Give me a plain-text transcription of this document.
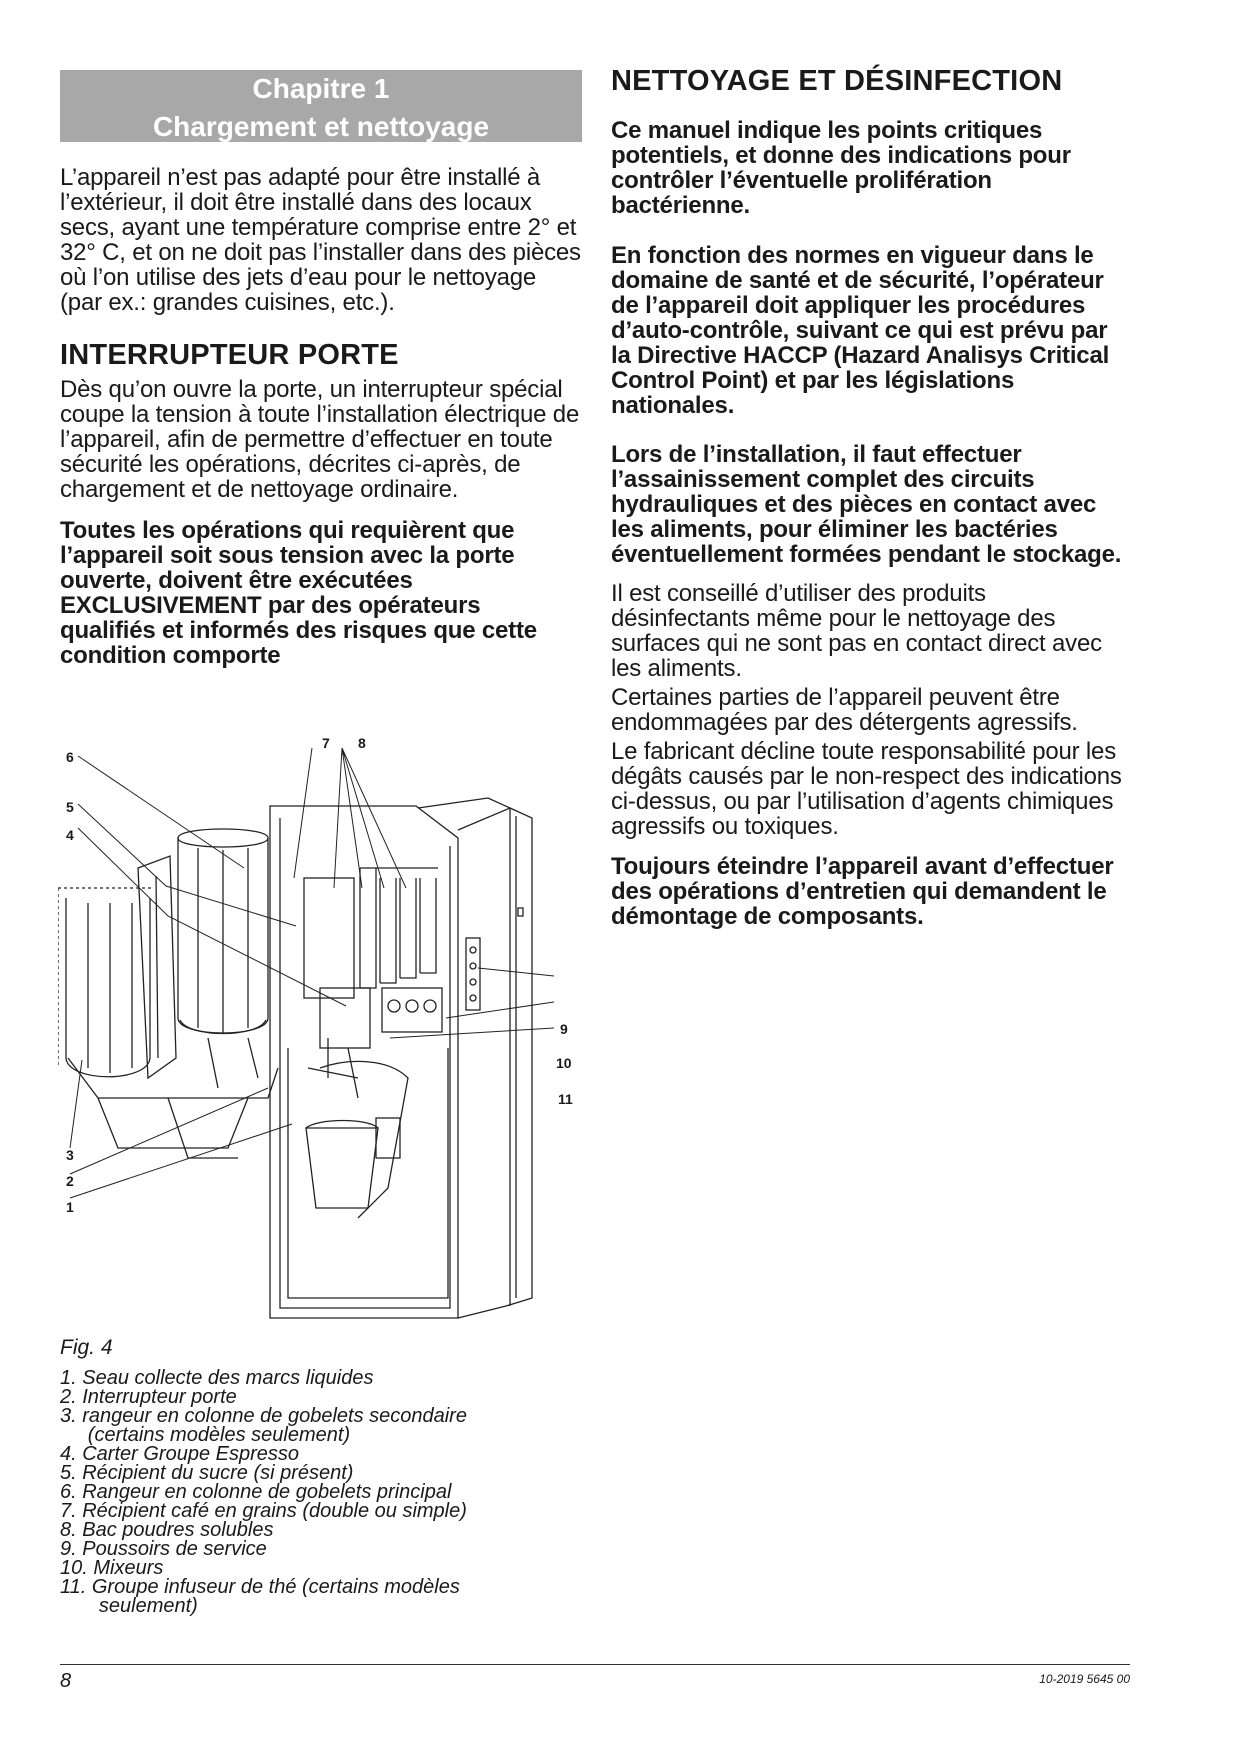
Chapitre 1
Chargement et nettoyage

L’appareil n’est pas adapté pour être installé à l’extérieur, il doit être installé dans des locaux secs, ayant une température comprise entre 2° et 32° C, et on ne doit pas l’installer dans des pièces où l’on utilise des jets d’eau pour le nettoyage (par ex.: grandes cuisines, etc.).

INTERRUPTEUR PORTE

Dès qu’on ouvre la porte, un interrupteur spécial coupe la tension à toute l’installation électrique de l’appareil, afin de permettre d’effectuer en toute sécurité les opérations, décrites ci-après, de chargement et de nettoyage ordinaire.

Toutes les opérations qui requièrent que l’appareil soit sous tension avec la porte ouverte, doivent être exécutées EXCLUSIVEMENT par des opérateurs qualifiés et informés des risques que cette condition comporte

NETTOYAGE ET DÉSINFECTION

Ce manuel indique les points critiques potentiels, et donne des indications pour contrôler l’éventuelle prolifération bactérienne.

En fonction des normes en vigueur dans le domaine de santé et de sécurité, l’opérateur de l’appareil doit appliquer les procédures d’auto-contrôle, suivant ce qui est prévu par la Directive HACCP (Hazard Analisys Critical Control Point) et par les législations nationales.

Lors de l’installation, il faut effectuer l’assainissement complet des circuits hydrauliques et des pièces en contact avec les aliments, pour éliminer les bactéries éventuellement formées pendant le stockage.

Il est conseillé d’utiliser des produits désinfectants même pour le nettoyage des surfaces qui ne sont pas en contact direct avec les aliments.

Certaines parties de l’appareil peuvent être endommagées par des détergents agressifs.

Le fabricant décline toute responsabilité pour les dégâts causés par le non-respect des indications ci-dessus, ou par l’utilisation d’agents chimiques agressifs ou toxiques.

Toujours éteindre l’appareil avant d’effectuer des opérations d’entretien qui demandent le démontage de composants.

1
2
3
4
5
6
7 8
9
10
11
Fig. 4
1. Seau collecte des marcs liquides
2. Interrupteur porte
3. rangeur en colonne de gobelets secondaire
(certains modèles seulement)
4. Carter Groupe Espresso
5. Récipient du sucre (si présent)
6. Rangeur en colonne de gobelets principal
7. Récipient café en grains (double ou simple)
8. Bac poudres solubles
9. Poussoirs de service
10. Mixeurs
11. Groupe infuseur de thé (certains modèles
seulement)
8	10-2019 5645 00
